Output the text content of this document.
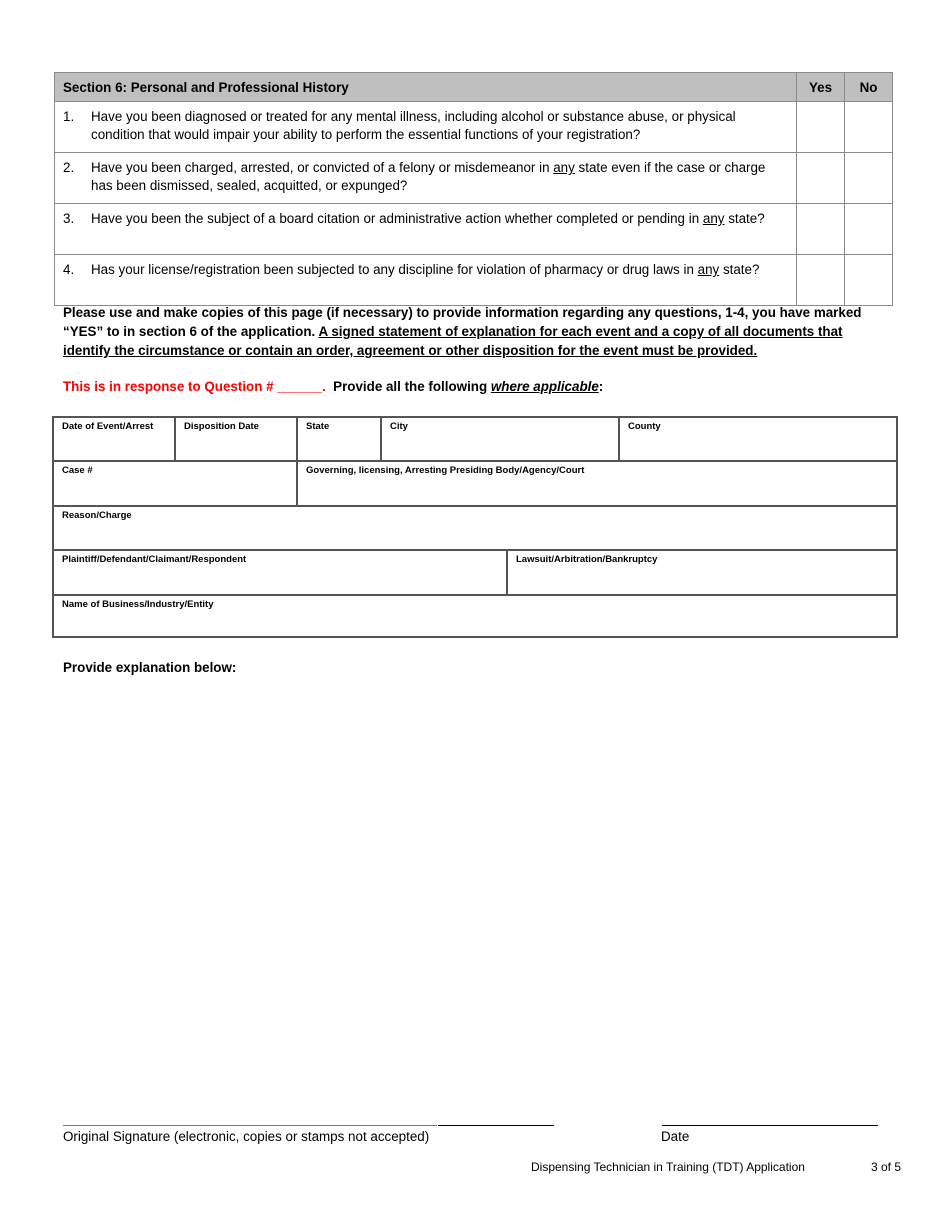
Section 6: Personal and Professional History	Yes	No

1. Have you been diagnosed or treated for any mental illness, including alcohol or substance abuse, or physical condition that would impair your ability to perform the essential functions of your registration?		

2. Have you been charged, arrested, or convicted of a felony or misdemeanor in any state even if the case or charge has been dismissed, sealed, acquitted, or expunged?		

3. Have you been the subject of a board citation or administrative action whether completed or pending in any state?		

4. Has your license/registration been subjected to any discipline for violation of pharmacy or drug laws in any state?		
Please use and make copies of this page (if necessary) to provide information regarding any questions, 1-4, you have marked “YES” to in section 6 of the application. A signed statement of explanation for each event and a copy of all documents that identify the circumstance or contain an order, agreement or other disposition for the event must be provided.
This is in response to Question # ______.  Provide all the following where applicable:
Date of Event/Arrest	Disposition Date	State	City	County
Case #	Governing, licensing, Arresting Presiding Body/Agency/Court
Reason/Charge
Plaintiff/Defendant/Claimant/Respondent	Lawsuit/Arbitration/Bankruptcy
Name of Business/Industry/Entity
Provide explanation below:
Original Signature (electronic, copies or stamps not accepted)	Date
Dispensing Technician in Training (TDT) Application	3 of 5
